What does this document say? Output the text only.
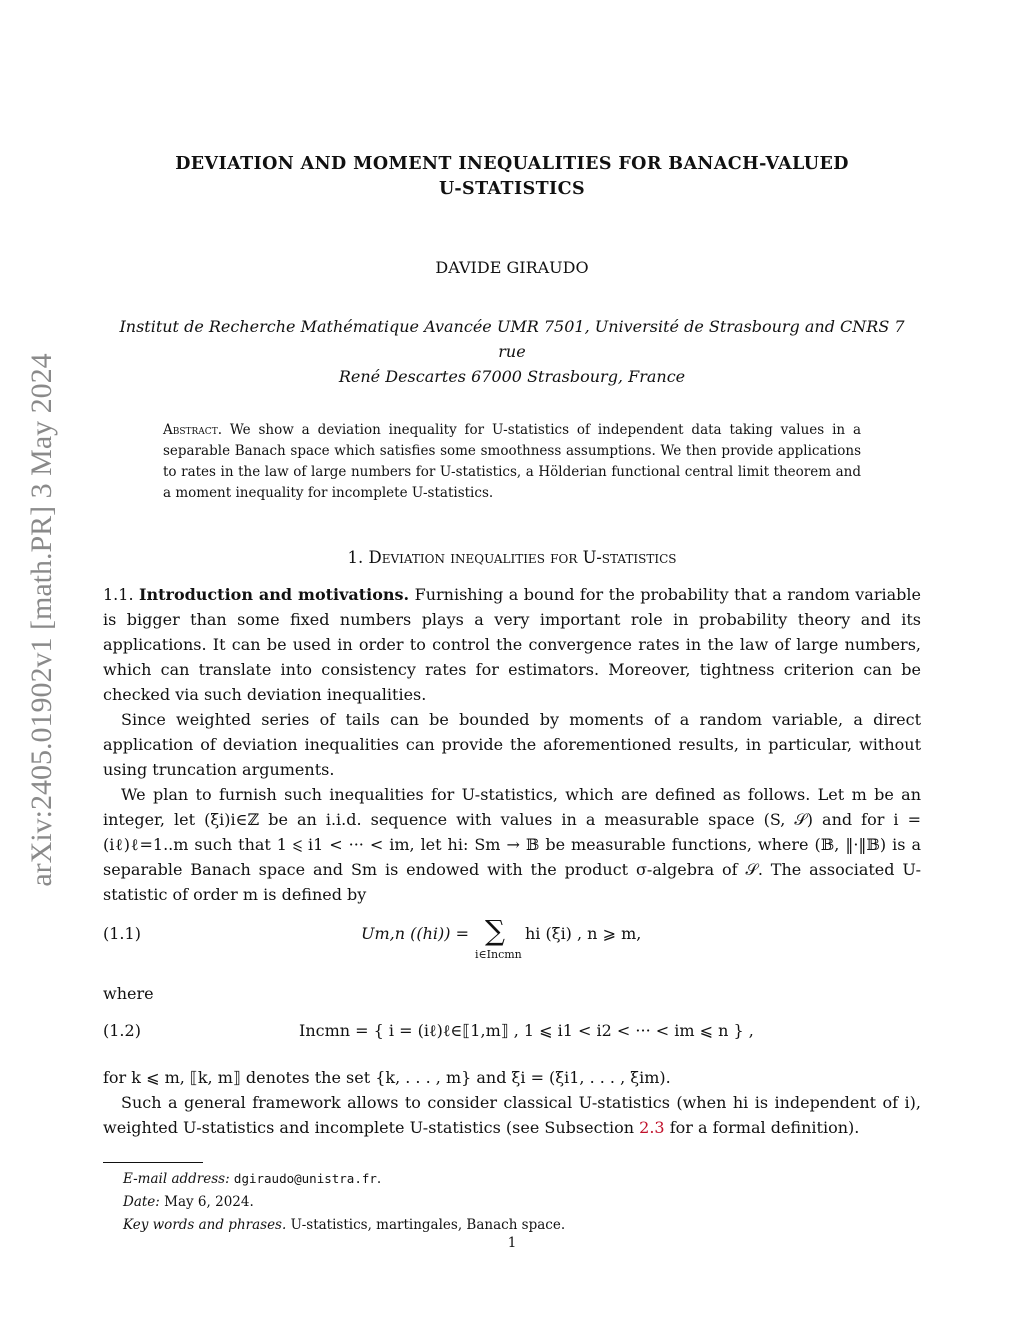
arXiv:2405.01902v1 [math.PR] 3 May 2024
DEVIATION AND MOMENT INEQUALITIES FOR BANACH-VALUED
U-STATISTICS
DAVIDE GIRAUDO
Institut de Recherche Mathématique Avancée UMR 7501, Université de Strasbourg and CNRS 7 rue
René Descartes 67000 Strasbourg, France
Abstract. We show a deviation inequality for U-statistics of independent data taking values in a separable Banach space which satisfies some smoothness assumptions. We then provide applications to rates in the law of large numbers for U-statistics, a Hölderian functional central limit theorem and a moment inequality for incomplete U-statistics.
1. Deviation inequalities for U-statistics

1.1. Introduction and motivations. Furnishing a bound for the probability that a random variable is bigger than some fixed numbers plays a very important role in probability theory and its applications. It can be used in order to control the convergence rates in the law of large numbers, which can translate into consistency rates for estimators. Moreover, tightness criterion can be checked via such deviation inequalities.

Since weighted series of tails can be bounded by moments of a random variable, a direct application of deviation inequalities can provide the aforementioned results, in particular, without using truncation arguments.

We plan to furnish such inequalities for U-statistics, which are defined as follows. Let m be an integer, let (ξi)i∈ℤ be an i.i.d. sequence with values in a measurable space (S, 𝒮) and for i = (iℓ)ℓ=1..m such that 1 ⩽ i1 < ··· < im, let hi: Sm → 𝔹 be measurable functions, where (𝔹, ‖·‖𝔹) is a separable Banach space and Sm is endowed with the product σ-algebra of 𝒮. The associated U-statistic of order m is defined by

(1.1)	Um,n ((hi)) = ∑
i∈Incmn
hi (ξi) , n ⩾ m,
where
(1.2)	Incmn = { i = (iℓ)ℓ∈⟦1,m⟧ , 1 ⩽ i1 < i2 < ··· < im ⩽ n } ,

for k ⩽ m, ⟦k, m⟧ denotes the set {k, . . . , m} and ξi = (ξi1, . . . , ξim).

Such a general framework allows to consider classical U-statistics (when hi is independent of i), weighted U-statistics and incomplete U-statistics (see Subsection 2.3 for a formal definition).

E-mail address: dgiraudo@unistra.fr.
Date: May 6, 2024.
Key words and phrases. U-statistics, martingales, Banach space.
1
